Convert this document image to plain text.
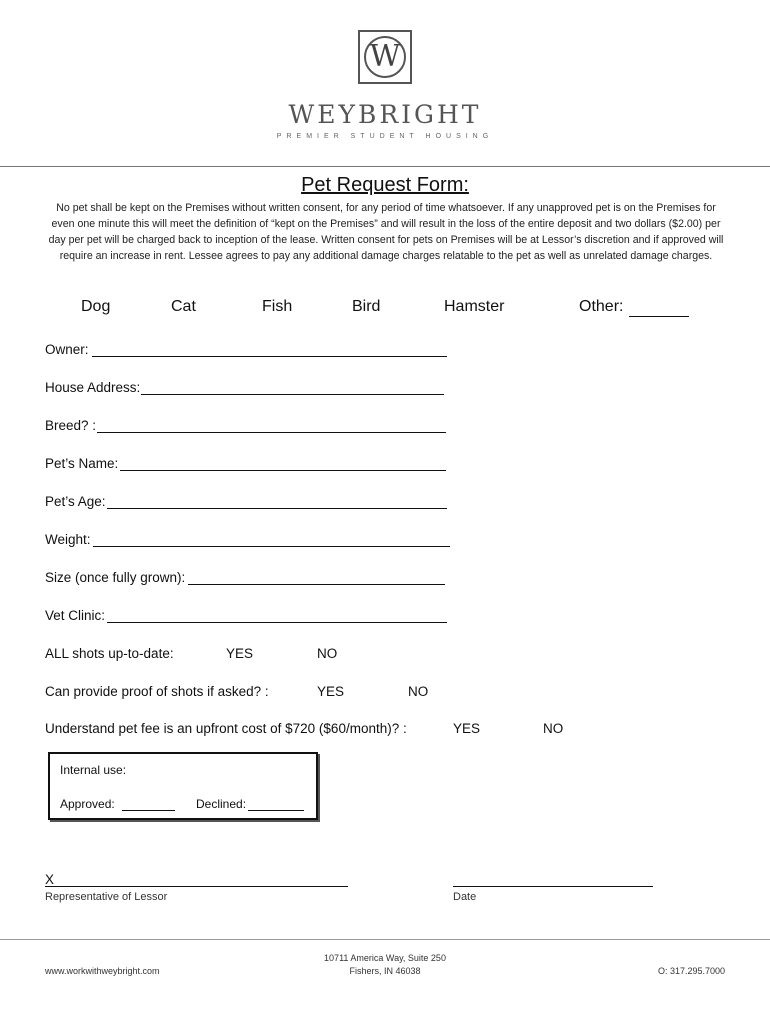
W
WEYBRIGHT
PREMIER STUDENT HOUSING
Pet Request Form:
No pet shall be kept on the Premises without written consent, for any period of time whatsoever. If any unapproved pet is on the Premises for even one minute this will meet the definition of “kept on the Premises” and will result in the loss of the entire deposit and two dollars ($2.00) per day per pet will be charged back to inception of the lease. Written consent for pets on Premises will be at Lessor’s discretion and if approved will require an increase in rent. Lessee agrees to pay any additional damage charges relatable to the pet as well as unrelated damage charges.
Dog	Cat	Fish	Bird	Hamster	Other:
Owner:
House Address:
Breed? :
Pet’s Name:
Pet’s Age:
Weight:
Size (once fully grown):
Vet Clinic:
ALL shots up-to-date:	YES	NO
Can provide proof of shots if asked? :	YES	NO
Understand pet fee is an upfront cost of $720 ($60/month)? :	YES	NO
Internal use:
Approved:	Declined:
X
Representative of Lessor	Date
www.workwithweybright.com
10711 America Way, Suite 250
Fishers, IN 46038	O: 317.295.7000
